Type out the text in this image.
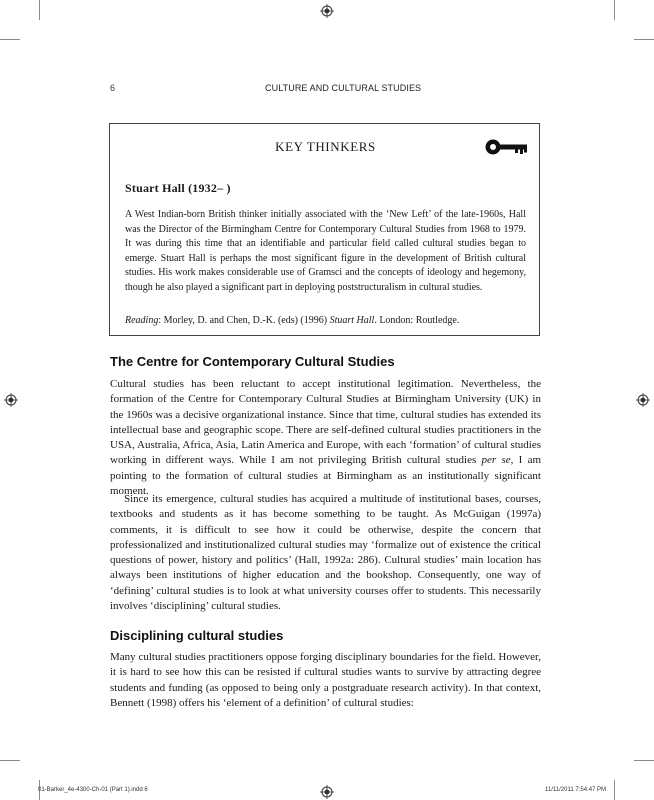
6	CULTURE AND CULTURAL STUDIES
KEY THINKERS
Stuart Hall (1932– )

A West Indian-born British thinker initially associated with the ‘New Left’ of the late-1960s, Hall was the Director of the Birmingham Centre for Contemporary Cultural Studies from 1968 to 1979. It was during this time that an identifiable and particular field called cultural studies began to emerge. Stuart Hall is perhaps the most significant figure in the development of British cultural studies. His work makes considerable use of Gramsci and the concepts of ideology and hegemony, though he also played a significant part in deploying poststructuralism in cultural studies.

Reading: Morley, D. and Chen, D.-K. (eds) (1996) Stuart Hall. London: Routledge.
The Centre for Contemporary Cultural Studies

Cultural studies has been reluctant to accept institutional legitimation. Nevertheless, the formation of the Centre for Contemporary Cultural Studies at Birmingham University (UK) in the 1960s was a decisive organizational instance. Since that time, cultural studies has extended its intellectual base and geographic scope. There are self-defined cultural studies practitioners in the USA, Australia, Africa, Asia, Latin America and Europe, with each ‘formation’ of cultural studies working in different ways. While I am not privileging British cultural studies per se, I am pointing to the formation of cultural studies at Birmingham as an institutionally significant moment.

Since its emergence, cultural studies has acquired a multitude of institutional bases, courses, textbooks and students as it has become something to be taught. As McGuigan (1997a) comments, it is difficult to see how it could be otherwise, despite the concern that professionalized and institutionalized cultural studies may ‘formalize out of existence the critical questions of power, history and politics’ (Hall, 1992a: 286). Cultural studies’ main location has always been institutions of higher education and the bookshop. Consequently, one way of ‘defining’ cultural studies is to look at what university courses offer to students. This necessarily involves ‘disciplining’ cultural studies.

Disciplining cultural studies

Many cultural studies practitioners oppose forging disciplinary boundaries for the field. However, it is hard to see how this can be resisted if cultural studies wants to survive by attracting degree students and funding (as opposed to being only a postgraduate research activity). In that context, Bennett (1998) offers his ‘element of a definition’ of cultural studies:

01-Barker_4e-4300-Ch-01 (Part 1).indd 6	11/11/2011 7:54:47 PM
